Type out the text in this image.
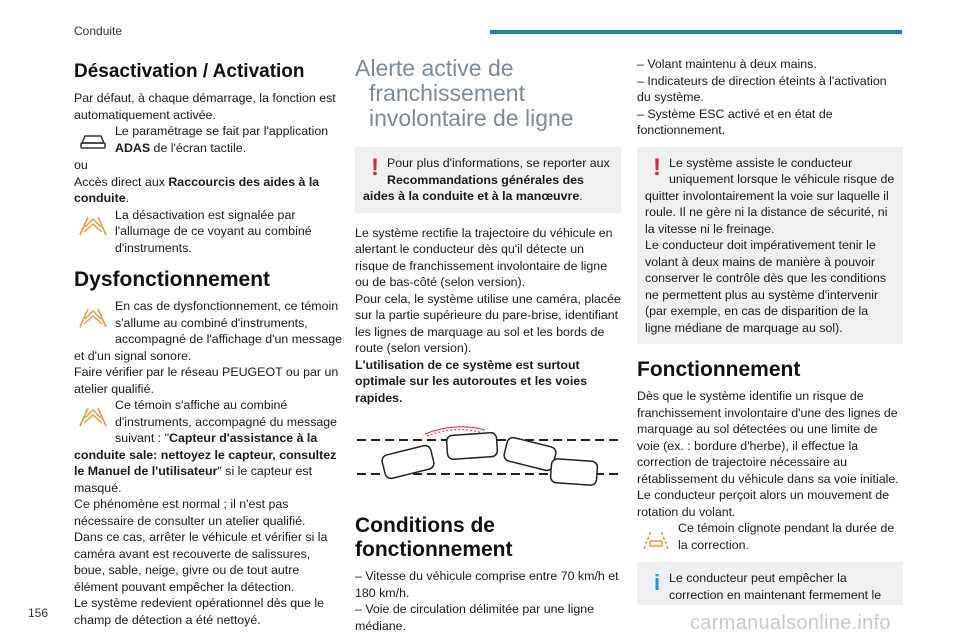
Conduite
Désactivation / Activation

Par défaut, à chaque démarrage, la fonction est automatiquement activée.

Le paramétrage se fait par l'application ADAS de l'écran tactile.

ou

Accès direct aux Raccourcis des aides à la conduite.

La désactivation est signalée par l'allumage de ce voyant au combiné d'instruments.
Dysfonctionnement
En cas de dysfonctionnement, ce témoin s'allume au combiné d'instruments, accompagné de l'affichage d'un message et d'un signal sonore.

Faire vérifier par le réseau PEUGEOT ou par un atelier qualifié.

Ce témoin s'affiche au combiné d'instruments, accompagné du message suivant : "Capteur d'assistance à la conduite sale: nettoyez le capteur, consultez le Manuel de l'utilisateur" si le capteur est masqué.

Ce phénomène est normal ; il n'est pas nécessaire de consulter un atelier qualifié.

Dans ce cas, arrêter le véhicule et vérifier si la caméra avant est recouverte de salissures, boue, sable, neige, givre ou de tout autre élément pouvant empêcher la détection.

Le système redevient opérationnel dès que le champ de détection a été nettoyé.

Alerte active de
franchissement
involontaire de ligne
! Pour plus d'informations, se reporter aux Recommandations générales des aides à la conduite et à la manœuvre.

Le système rectifie la trajectoire du véhicule en alertant le conducteur dès qu'il détecte un risque de franchissement involontaire de ligne ou de bas-côté (selon version).

Pour cela, le système utilise une caméra, placée sur la partie supérieure du pare-brise, identifiant les lignes de marquage au sol et les bords de route (selon version).

L'utilisation de ce système est surtout optimale sur les autoroutes et les voies rapides.

Conditions de fonctionnement

– Vitesse du véhicule comprise entre 70 km/h et 180 km/h.

– Voie de circulation délimitée par une ligne médiane.

– Volant maintenu à deux mains.

– Indicateurs de direction éteints à l'activation du système.

– Système ESC activé et en état de fonctionnement.

! Le système assiste le conducteur uniquement lorsque le véhicule risque de quitter involontairement la voie sur laquelle il roule. Il ne gère ni la distance de sécurité, ni la vitesse ni le freinage.

Le conducteur doit impérativement tenir le volant à deux mains de manière à pouvoir conserver le contrôle dès que les conditions ne permettent plus au système d'intervenir (par exemple, en cas de disparition de la ligne médiane de marquage au sol).

Fonctionnement

Dès que le système identifie un risque de franchissement involontaire d'une des lignes de marquage au sol détectées ou une limite de voie (ex. : bordure d'herbe), il effectue la correction de trajectoire nécessaire au rétablissement du véhicule dans sa voie initiale.

Le conducteur perçoit alors un mouvement de rotation du volant.

Ce témoin clignote pendant la durée de la correction.
i Le conducteur peut empêcher la correction en maintenant fermement le
156	carmanualsonline.info
